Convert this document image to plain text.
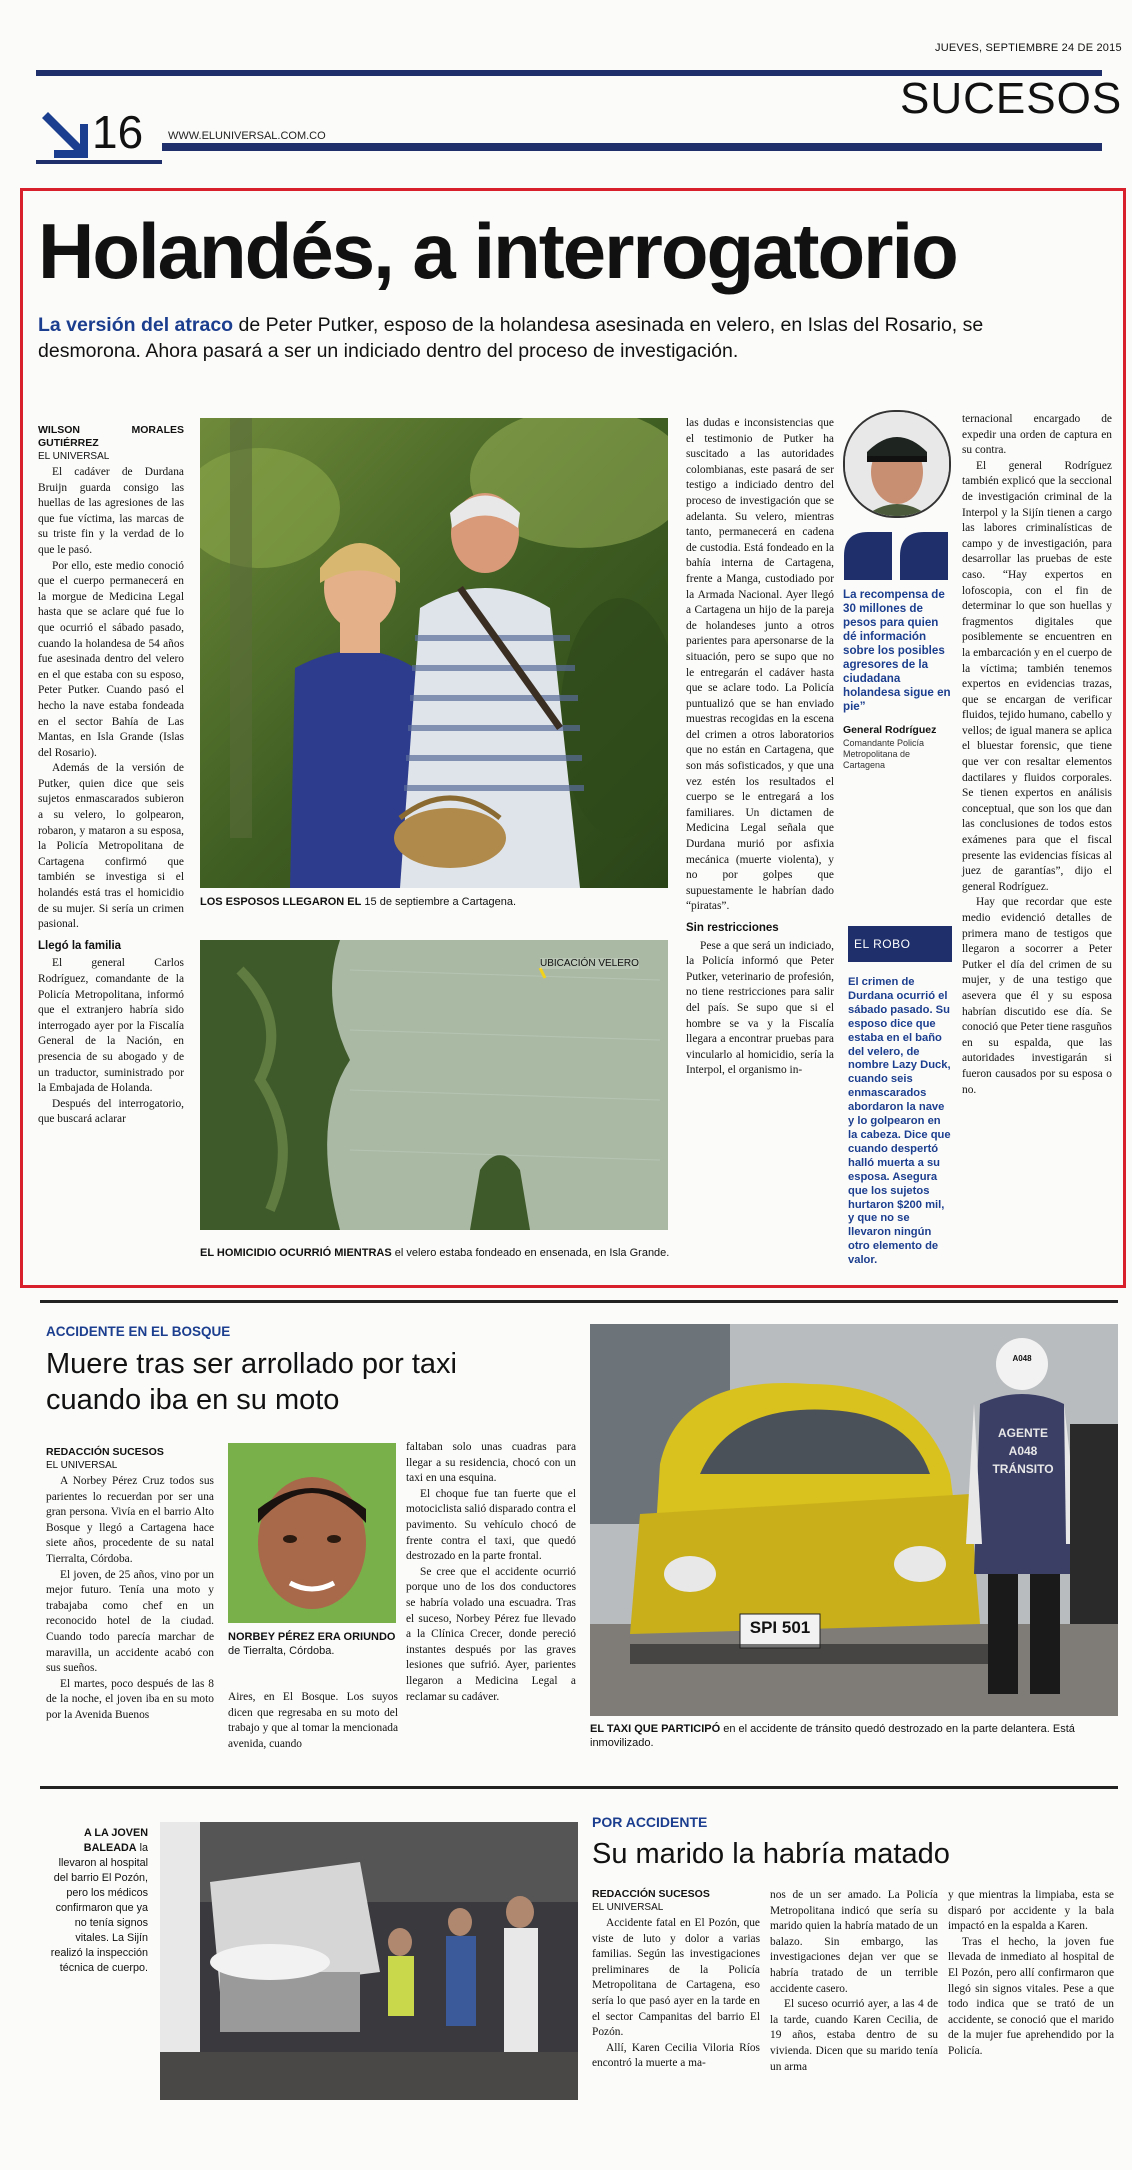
JUEVES, SEPTIEMBRE 24 DE 2015
SUCESOS
16 WWW.ELUNIVERSAL.COM.CO
Holandés, a interrogatorio
La versión del atraco de Peter Putker, esposo de la holandesa asesinada en velero, en Islas del Rosario, se desmorona. Ahora pasará a ser un indiciado dentro del proceso de investigación.
WILSON MORALES GUTIÉRREZ
EL UNIVERSAL

El cadáver de Durdana Bruijn guarda consigo las huellas de las agresiones de las que fue víctima, las marcas de su triste fin y la verdad de lo que le pasó.

Por ello, este medio conoció que el cuerpo permanecerá en la morgue de Medicina Legal hasta que se aclare qué fue lo que ocurrió el sábado pasado, cuando la holandesa de 54 años fue asesinada dentro del velero en el que estaba con su esposo, Peter Putker. Cuando pasó el hecho la nave estaba fondeada en el sector Bahía de Las Mantas, en Isla Grande (Islas del Rosario).

Además de la versión de Putker, quien dice que seis sujetos enmascarados subieron a su velero, lo golpearon, robaron, y mataron a su esposa, la Policía Metropolitana de Cartagena confirmó que también se investiga si el holandés está tras el homicidio de su mujer. Si sería un crimen pasional.

Llegó la familia

El general Carlos Rodríguez, comandante de la Policía Metropolitana, informó que el extranjero habría sido interrogado ayer por la Fiscalía General de la Nación, en presencia de su abogado y de un traductor, suministrado por la Embajada de Holanda.

Después del interrogatorio, que buscará aclarar

LOS ESPOSOS LLEGARON EL 15 de septiembre a Cartagena.
UBICACIÓN VELERO
EL HOMICIDIO OCURRIÓ MIENTRAS el velero estaba fondeado en ensenada, en Isla Grande.

las dudas e inconsistencias que el testimonio de Putker ha suscitado a las autoridades colombianas, este pasará de ser testigo a indiciado dentro del proceso de investigación que se adelanta. Su velero, mientras tanto, permanecerá en cadena de custodia. Está fondeado en la bahía interna de Cartagena, frente a Manga, custodiado por la Armada Nacional. Ayer llegó a Cartagena un hijo de la pareja de holandeses junto a otros parientes para apersonarse de la situación, pero se supo que no le entregarán el cadáver hasta que se aclare todo. La Policía puntualizó que se han enviado muestras recogidas en la escena del crimen a otros laboratorios que no están en Cartagena, que son más sofisticados, y que una vez estén los resultados el cuerpo se le entregará a los familiares. Un dictamen de Medicina Legal señala que Durdana murió por asfixia mecánica (muerte violenta), y no por golpes que supuestamente le habrían dado “piratas”.

Sin restricciones

Pese a que será un indiciado, la Policía informó que Peter Putker, veterinario de profesión, no tiene restricciones para salir del país. Se supo que si el hombre se va y la Fiscalía llegara a encontrar pruebas para vincularlo al homicidio, sería la Interpol, el organismo in-

La recompensa de 30 millones de pesos para quien dé información sobre los posibles agresores de la ciudadana holandesa sigue en pie”
General Rodríguez
Comandante Policía Metropolitana de Cartagena
EL ROBO
El crimen de Durdana ocurrió el sábado pasado. Su esposo dice que estaba en el baño del velero, de nombre Lazy Duck, cuando seis enmascarados abordaron la nave y lo golpearon en la cabeza. Dice que cuando despertó halló muerta a su esposa. Asegura que los sujetos hurtaron $200 mil, y que no se llevaron ningún otro elemento de valor.

ternacional encargado de expedir una orden de captura en su contra.

El general Rodríguez también explicó que la seccional de investigación criminal de la Interpol y la Sijín tienen a cargo las labores criminalísticas de campo y de investigación, para desarrollar las pruebas de este caso. “Hay expertos en lofoscopia, con el fin de determinar lo que son huellas y fragmentos digitales que posiblemente se encuentren en la embarcación y en el cuerpo de la víctima; también tenemos expertos en evidencias trazas, que se encargan de verificar fluidos, tejido humano, cabello y vellos; de igual manera se aplica el bluestar forensic, que tiene que ver con resaltar elementos dactilares y fluidos corporales. Se tienen expertos en análisis conceptual, que son los que dan las conclusiones de todos estos exámenes para que el fiscal presente las evidencias físicas al juez de garantías”, dijo el general Rodríguez.

Hay que recordar que este medio evidenció detalles de primera mano de testigos que llegaron a socorrer a Peter Putker el día del crimen de su mujer, y de una testigo que asevera que él y su esposa habrían discutido ese día. Se conoció que Peter tiene rasguños en su espalda, que las autoridades investigarán si fueron causados por su esposa o no.

ACCIDENTE EN EL BOSQUE
Muere tras ser arrollado por taxi cuando iba en su moto
REDACCIÓN SUCESOS
EL UNIVERSAL

A Norbey Pérez Cruz todos sus parientes lo recuerdan por ser una gran persona. Vivía en el barrio Alto Bosque y llegó a Cartagena hace siete años, procedente de su natal Tierralta, Córdoba.

El joven, de 25 años, vino por un mejor futuro. Tenía una moto y trabajaba como chef en un reconocido hotel de la ciudad. Cuando todo parecía marchar de maravilla, un accidente acabó con sus sueños.

El martes, poco después de las 8 de la noche, el joven iba en su moto por la Avenida Buenos

NORBEY PÉREZ ERA ORIUNDO
de Tierralta, Córdoba.

Aires, en El Bosque. Los suyos dicen que regresaba en su moto del trabajo y que al tomar la mencionada avenida, cuando

faltaban solo unas cuadras para llegar a su residencia, chocó con un taxi en una esquina.

El choque fue tan fuerte que el motociclista salió disparado contra el pavimento. Su vehículo chocó de frente contra el taxi, que quedó destrozado en la parte frontal.

Se cree que el accidente ocurrió porque uno de los dos conductores se habría volado una escuadra. Tras el suceso, Norbey Pérez fue llevado a la Clínica Crecer, donde pereció instantes después por las graves lesiones que sufrió. Ayer, parientes llegaron a Medicina Legal a reclamar su cadáver.

SPI 501
AGENTE A048 TRÁNSITO
A048
EL TAXI QUE PARTICIPÓ en el accidente de tránsito quedó destrozado en la parte delantera. Está inmovilizado.
A LA JOVEN BALEADA la llevaron al hospital del barrio El Pozón, pero los médicos confirmaron que ya no tenía signos vitales. La Sijín realizó la inspección técnica de cuerpo.
POR ACCIDENTE
Su marido la habría matado
REDACCIÓN SUCESOS
EL UNIVERSAL

Accidente fatal en El Pozón, que viste de luto y dolor a varias familias. Según las investigaciones preliminares de la Policía Metropolitana de Cartagena, eso sería lo que pasó ayer en la tarde en el sector Campanitas del barrio El Pozón.

Allí, Karen Cecilia Viloria Ríos encontró la muerte a ma-

nos de un ser amado. La Policía Metropolitana indicó que sería su marido quien la habría matado de un balazo. Sin embargo, las investigaciones dejan ver que se habría tratado de un terrible accidente casero.

El suceso ocurrió ayer, a las 4 de la tarde, cuando Karen Cecilia, de 19 años, estaba dentro de su vivienda. Dicen que su marido tenía un arma

y que mientras la limpiaba, esta se disparó por accidente y la bala impactó en la espalda a Karen.

Tras el hecho, la joven fue llevada de inmediato al hospital de El Pozón, pero allí confirmaron que llegó sin signos vitales. Pese a que todo indica que se trató de un accidente, se conoció que el marido de la mujer fue aprehendido por la Policía.
